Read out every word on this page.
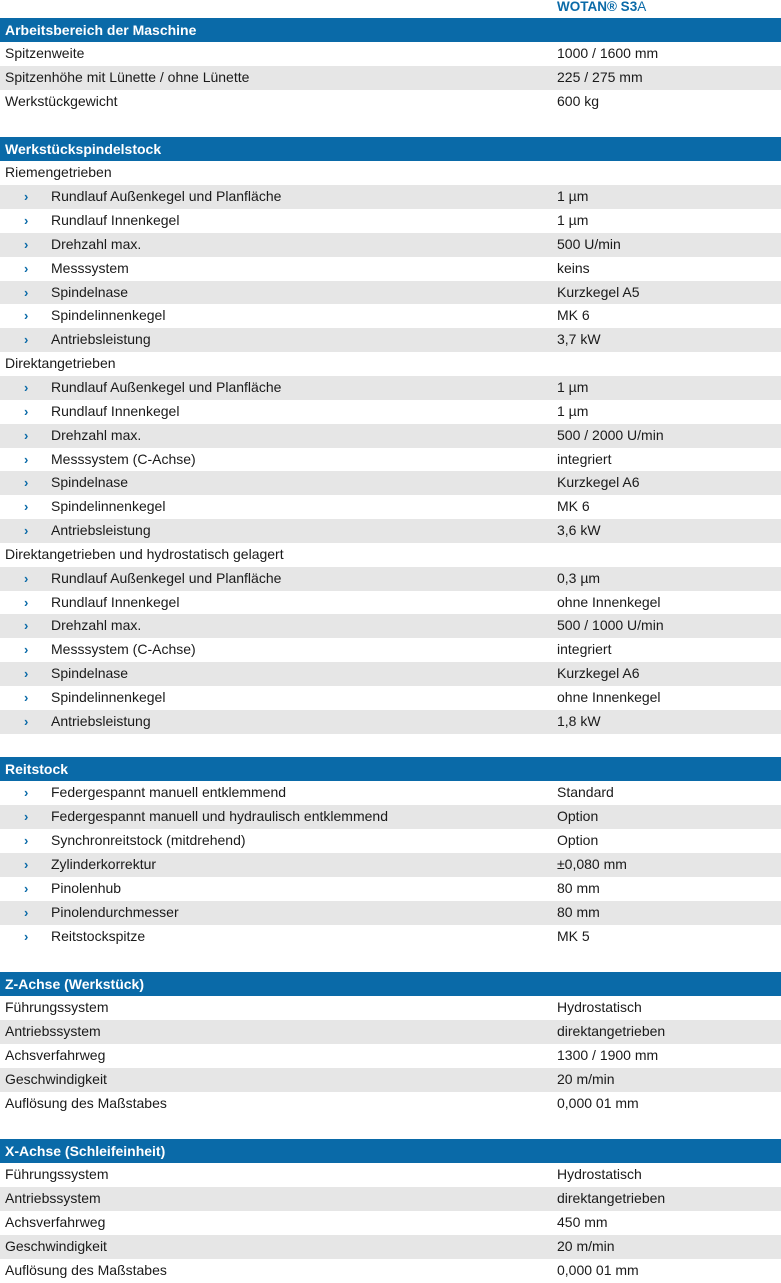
WOTAN® S3A
Arbeitsbereich der Maschine
Spitzenweite	1000 / 1600 mm
Spitzenhöhe mit Lünette / ohne Lünette	225 / 275 mm
Werkstückgewicht	600 kg
Werkstückspindelstock
Riemengetrieben
› Rundlauf Außenkegel und Planfläche	1 µm
› Rundlauf Innenkegel	1 µm
› Drehzahl max.	500 U/min
› Messsystem	keins
› Spindelnase	Kurzkegel A5
› Spindelinnenkegel	MK 6
› Antriebsleistung	3,7 kW
Direktangetrieben
› Rundlauf Außenkegel und Planfläche	1 µm
› Rundlauf Innenkegel	1 µm
› Drehzahl max.	500 / 2000 U/min
› Messsystem (C-Achse)	integriert
› Spindelnase	Kurzkegel A6
› Spindelinnenkegel	MK 6
› Antriebsleistung	3,6 kW
Direktangetrieben und hydrostatisch gelagert
› Rundlauf Außenkegel und Planfläche	0,3 µm
› Rundlauf Innenkegel	ohne Innenkegel
› Drehzahl max.	500 / 1000 U/min
› Messsystem (C-Achse)	integriert
› Spindelnase	Kurzkegel A6
› Spindelinnenkegel	ohne Innenkegel
› Antriebsleistung	1,8 kW
Reitstock
› Federgespannt manuell entklemmend	Standard
› Federgespannt manuell und hydraulisch entklemmend	Option
› Synchronreitstock (mitdrehend)	Option
› Zylinderkorrektur	±0,080 mm
› Pinolenhub	80 mm
› Pinolendurchmesser	80 mm
› Reitstockspitze	MK 5
Z-Achse (Werkstück)
Führungssystem	Hydrostatisch
Antriebssystem	direktangetrieben
Achsverfahrweg	1300 / 1900 mm
Geschwindigkeit	20 m/min
Auflösung des Maßstabes	0,000 01 mm
X-Achse (Schleifeinheit)
Führungssystem	Hydrostatisch
Antriebssystem	direktangetrieben
Achsverfahrweg	450 mm
Geschwindigkeit	20 m/min
Auflösung des Maßstabes	0,000 01 mm
